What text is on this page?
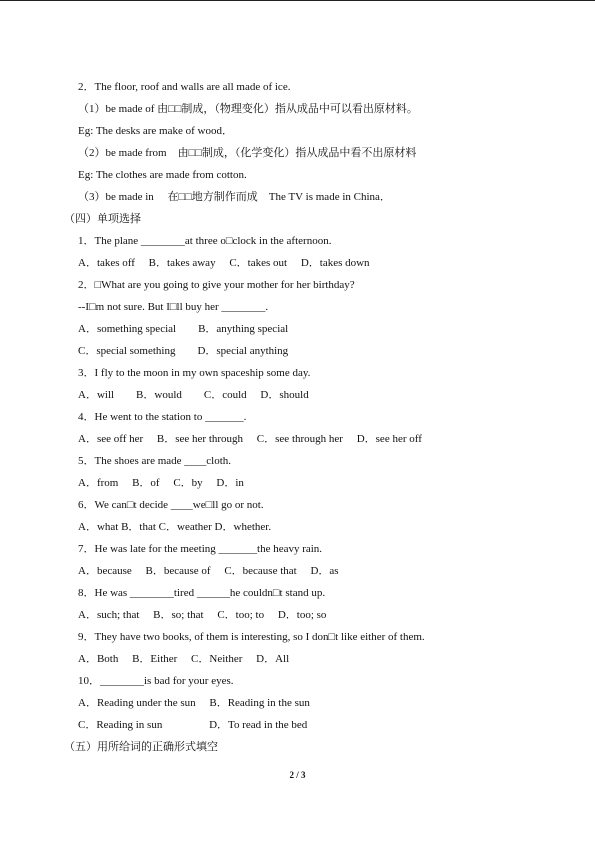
2．The floor, roof and walls are all made of ice.
（1）be made of 由□□制成，（物理变化）指从成品中可以看出原材料。
Eg: The desks are make of wood．
（2）be made from　由□□制成，（化学变化）指从成品中看不出原材料
Eg: The clothes are made from cotton.
（3）be made in　 在□□地方制作而成　The TV is made in China．
（四）单项选择
1．The plane ________at three o□clock in the afternoon.
A．takes off　 B．takes away　 C．takes out　 D．takes down
2．□What are you going to give your mother for her birthday?
--I□m not sure. But I□ll buy her ________.
A．something special　　B．anything special
C．special something　　D．special anything
3．I fly to the moon in my own spaceship some day.
A．will　　B．would　　C．could　 D．should
4．He went to the station to _______.
A．see off her　 B．see her through　 C．see through her　 D．see her off
5．The shoes are made ____cloth.
A．from　 B．of　 C．by　 D．in
6．We can□t decide ____we□ll go or not.
A．what B．that C．weather D．whether.
7．He was late for the meeting _______the heavy rain.
A．because　 B．because of　 C．because that　 D．as
8．He was ________tired ______he couldn□t stand up.
A．such; that　 B．so; that　 C．too; to　 D．too; so
9．They have two books, of them is interesting, so I don□t like either of them.
A．Both　 B．Either　 C．Neither　 D．All
10．________is bad for your eyes.
A．Reading under the sun　 B．Reading in the sun
C．Reading in sun　　　　 D．To read in the bed
（五）用所给词的正确形式填空
2 / 3
